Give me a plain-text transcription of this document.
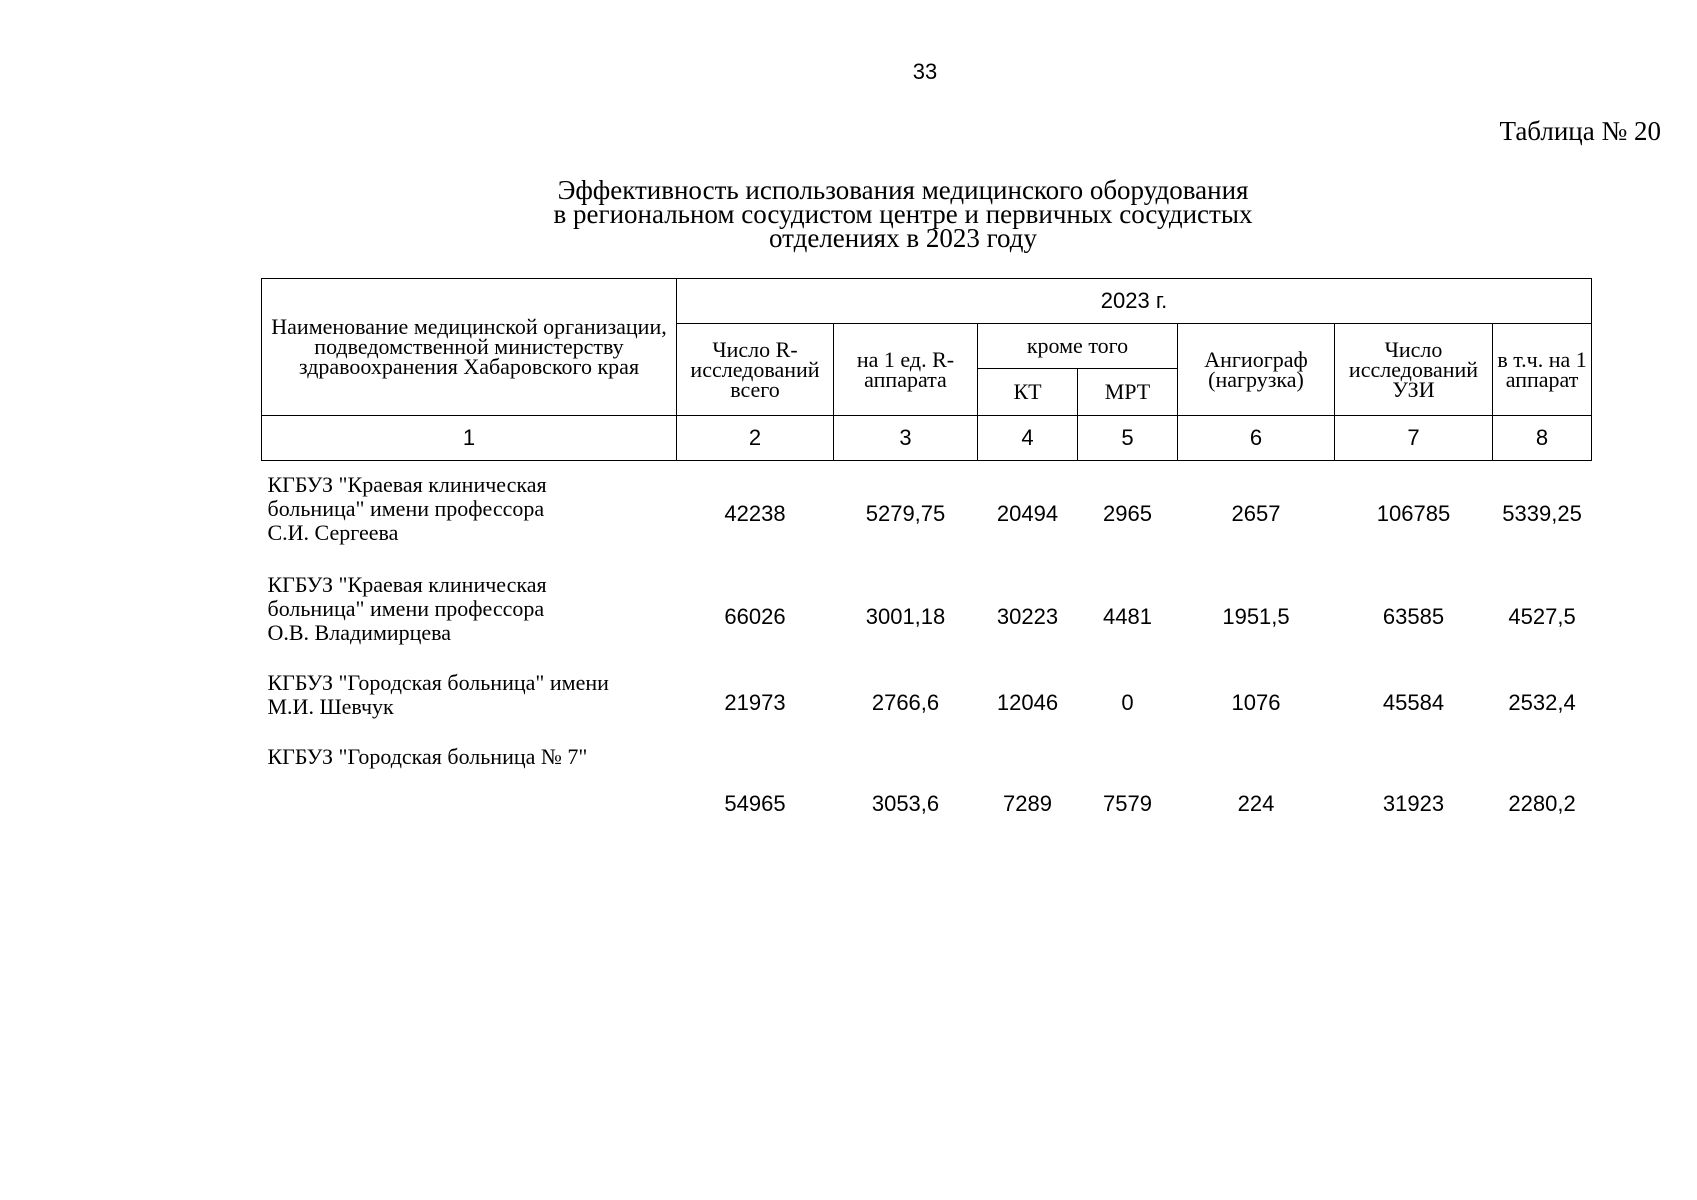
33
Таблица № 20
Эффективность использования медицинского оборудования
в региональном сосудистом центре и первичных сосудистых
отделениях в 2023 году
Наименование медицинской организации, подведомственной министерству здравоохранения Хабаровского края	2023 г.						
	Число R-исследований всего	на 1 ед. R-аппарата	кроме того		Ангиограф (нагрузка)	Число исследований УЗИ	в т.ч. на 1 аппарат
			КТ	МРТ			
1	2	3	4	5	6	7	8

КГБУЗ "Краевая клиническая
больница" имени профессора
С.И. Сергеева	42238	5279,75	20494	2965	2657	106785	5339,25

КГБУЗ "Краевая клиническая
больница" имени профессора
О.В. Владимирцева	66026	3001,18	30223	4481	1951,5	63585	4527,5

КГБУЗ "Городская больница" имени
М.И. Шевчук	21973	2766,6	12046	0	1076	45584	2532,4

КГБУЗ "Городская больница № 7"	54965	3053,6	7289	7579	224	31923	2280,2
